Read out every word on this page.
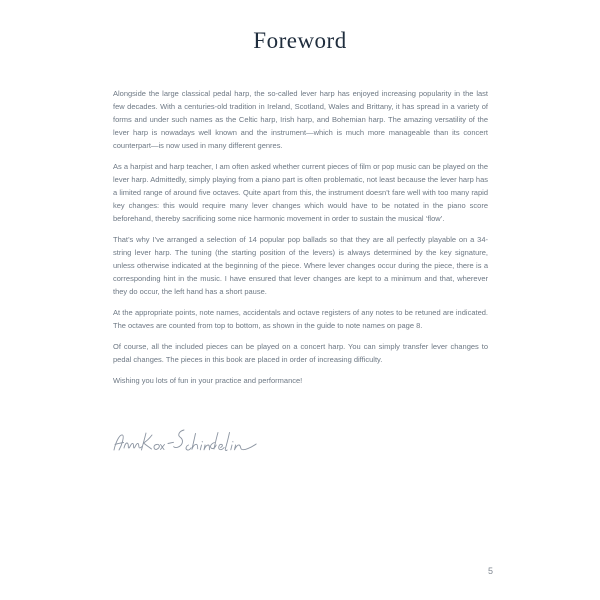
Foreword

Alongside the large classical pedal harp, the so-called lever harp has enjoyed increasing popularity in the last few decades. With a centuries-old tradition in Ireland, Scotland, Wales and Brittany, it has spread in a variety of forms and under such names as the Celtic harp, Irish harp, and Bohemian harp. The amazing versatility of the lever harp is nowadays well known and the instrument—which is much more manageable than its concert counterpart—is now used in many different genres.

As a harpist and harp teacher, I am often asked whether current pieces of film or pop music can be played on the lever harp. Admittedly, simply playing from a piano part is often problematic, not least because the lever harp has a limited range of around five octaves. Quite apart from this, the instrument doesn’t fare well with too many rapid key changes: this would require many lever changes which would have to be notated in the piano score beforehand, thereby sacrificing some nice harmonic movement in order to sustain the musical ‘flow’.

That’s why I’ve arranged a selection of 14 popular pop ballads so that they are all perfectly playable on a 34-string lever harp. The tuning (the starting position of the levers) is always determined by the key signature, unless otherwise indicated at the beginning of the piece. Where lever changes occur during the piece, there is a corresponding hint in the music. I have ensured that lever changes are kept to a minimum and that, wherever they do occur, the left hand has a short pause.

At the appropriate points, note names, accidentals and octave registers of any notes to be retuned are indicated. The octaves are counted from top to bottom, as shown in the guide to note names on page 8.

Of course, all the included pieces can be played on a concert harp. You can simply transfer lever changes to pedal changes. The pieces in this book are placed in order of increasing difficulty.

Wishing you lots of fun in your practice and performance!

5
